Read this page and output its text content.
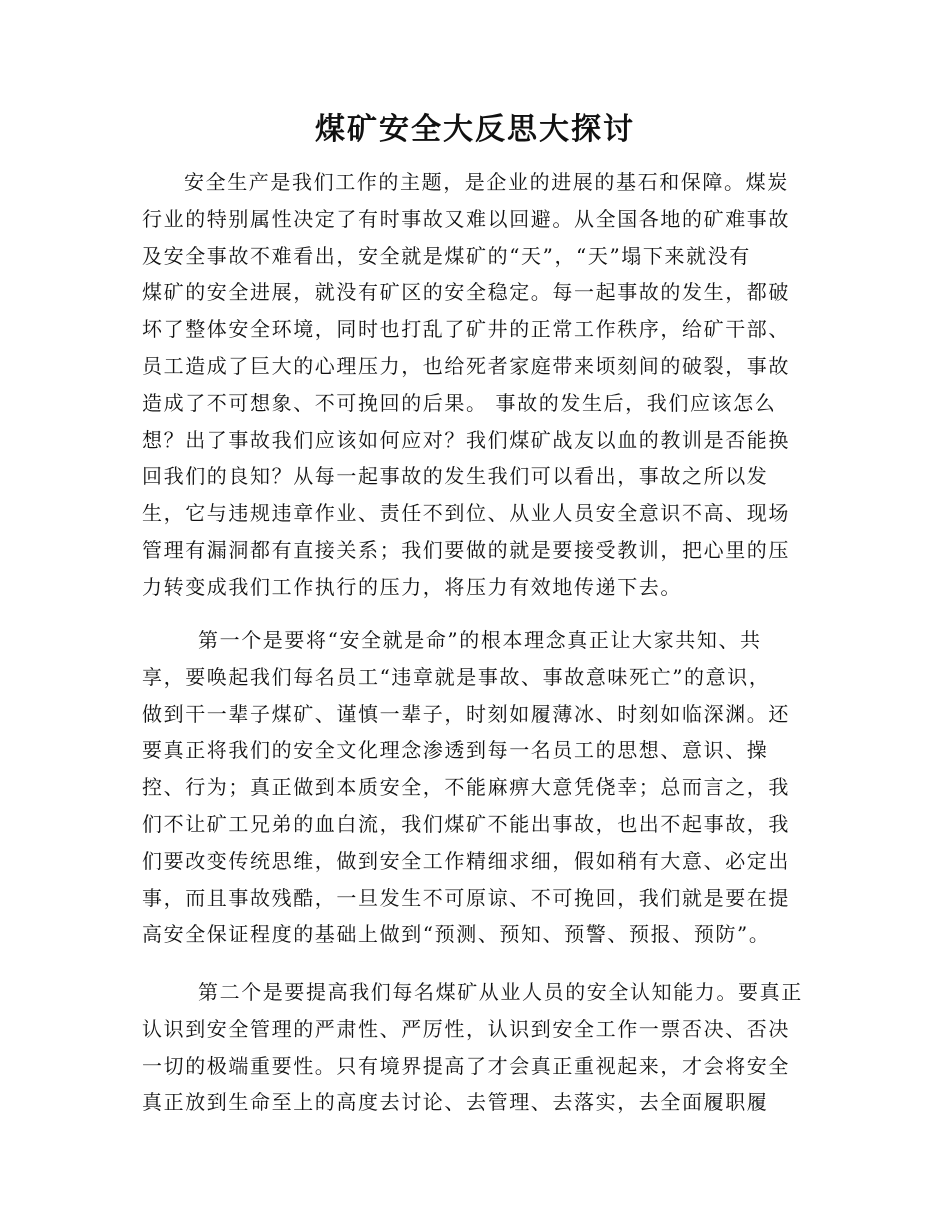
煤矿安全大反思大探讨
安全生产是我们工作的主题，是企业的进展的基石和保障。煤炭
行业的特别属性决定了有时事故又难以回避。从全国各地的矿难事故
及安全事故不难看出，安全就是煤矿的“天”，“天”塌下来就没有
煤矿的安全进展，就没有矿区的安全稳定。每一起事故的发生，都破
坏了整体安全环境，同时也打乱了矿井的正常工作秩序，给矿干部、
员工造成了巨大的心理压力，也给死者家庭带来顷刻间的破裂，事故
造成了不可想象、不可挽回的后果。 事故的发生后，我们应该怎么
想？出了事故我们应该如何应对？我们煤矿战友以血的教训是否能换
回我们的良知？从每一起事故的发生我们可以看出，事故之所以发
生，它与违规违章作业、责任不到位、从业人员安全意识不高、现场
管理有漏洞都有直接关系；我们要做的就是要接受教训，把心里的压
力转变成我们工作执行的压力，将压力有效地传递下去。
第一个是要将“安全就是命”的根本理念真正让大家共知、共
享，要唤起我们每名员工“违章就是事故、事故意味死亡”的意识，
做到干一辈子煤矿、谨慎一辈子，时刻如履薄冰、时刻如临深渊。还
要真正将我们的安全文化理念渗透到每一名员工的思想、意识、操
控、行为；真正做到本质安全，不能麻痹大意凭侥幸；总而言之，我
们不让矿工兄弟的血白流，我们煤矿不能出事故，也出不起事故，我
们要改变传统思维，做到安全工作精细求细，假如稍有大意、必定出
事，而且事故残酷，一旦发生不可原谅、不可挽回，我们就是要在提
高安全保证程度的基础上做到“预测、预知、预警、预报、预防”。
第二个是要提高我们每名煤矿从业人员的安全认知能力。要真正
认识到安全管理的严肃性、严厉性，认识到安全工作一票否决、否决
一切的极端重要性。只有境界提高了才会真正重视起来，才会将安全
真正放到生命至上的高度去讨论、去管理、去落实，去全面履职履
